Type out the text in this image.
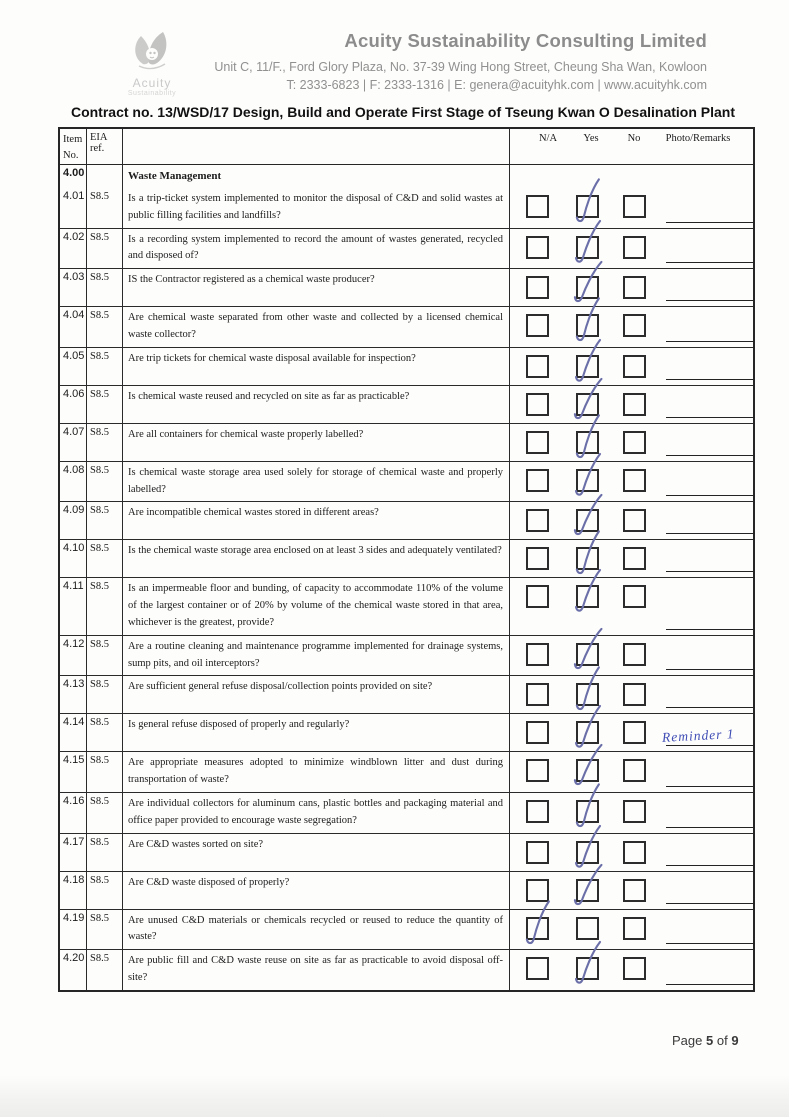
Acuity
Sustainability
Acuity Sustainability Consulting Limited
Unit C, 11/F., Ford Glory Plaza, No. 37-39 Wing Hong Street, Cheung Sha Wan, Kowloon
T: 2333-6823 | F: 2333-1316 | E: genera@acuityhk.com | www.acuityhk.com
Contract no. 13/WSD/17 Design, Build and Operate First Stage of Tseung Kwan O Desalination Plant
Item
No.
EIA ref.
N/A	Yes	No Photo/Remarks
4.00	Waste Management
4.01 S8.5	Is a trip-ticket system implemented to monitor the disposal of C&D and solid wastes at public filling facilities and landfills?
4.02 S8.5	Is a recording system implemented to record the amount of wastes generated, recycled and disposed of?
4.03 S8.5	IS the Contractor registered as a chemical waste producer?
4.04 S8.5	Are chemical waste separated from other waste and collected by a licensed chemical waste collector?
4.05 S8.5	Are trip tickets for chemical waste disposal available for inspection?
4.06 S8.5	Is chemical waste reused and recycled on site as far as practicable?
4.07 S8.5	Are all containers for chemical waste properly labelled?
4.08 S8.5	Is chemical waste storage area used solely for storage of chemical waste and properly labelled?
4.09 S8.5	Are incompatible chemical wastes stored in different areas?
4.10 S8.5	Is the chemical waste storage area enclosed on at least 3 sides and adequately ventilated?
4.11 S8.5	Is an impermeable floor and bunding, of capacity to accommodate 110% of the volume of the largest container or of 20% by volume of the chemical waste stored in that area, whichever is the greatest, provide?
4.12 S8.5	Are a routine cleaning and maintenance programme implemented for drainage systems, sump pits, and oil interceptors?
4.13 S8.5	Are sufficient general refuse disposal/collection points provided on site?
4.14 S8.5	Is general refuse disposed of properly and regularly?
Reminder 1
4.15 S8.5	Are appropriate measures adopted to minimize windblown litter and dust during transportation of waste?
4.16 S8.5	Are individual collectors for aluminum cans, plastic bottles and packaging material and office paper provided to encourage waste segregation?
4.17 S8.5	Are C&D wastes sorted on site?
4.18 S8.5	Are C&D waste disposed of properly?
4.19 S8.5	Are unused C&D materials or chemicals recycled or reused to reduce the quantity of waste?
4.20 S8.5	Are public fill and C&D waste reuse on site as far as practicable to avoid disposal off-site?
Page 5 of 9
